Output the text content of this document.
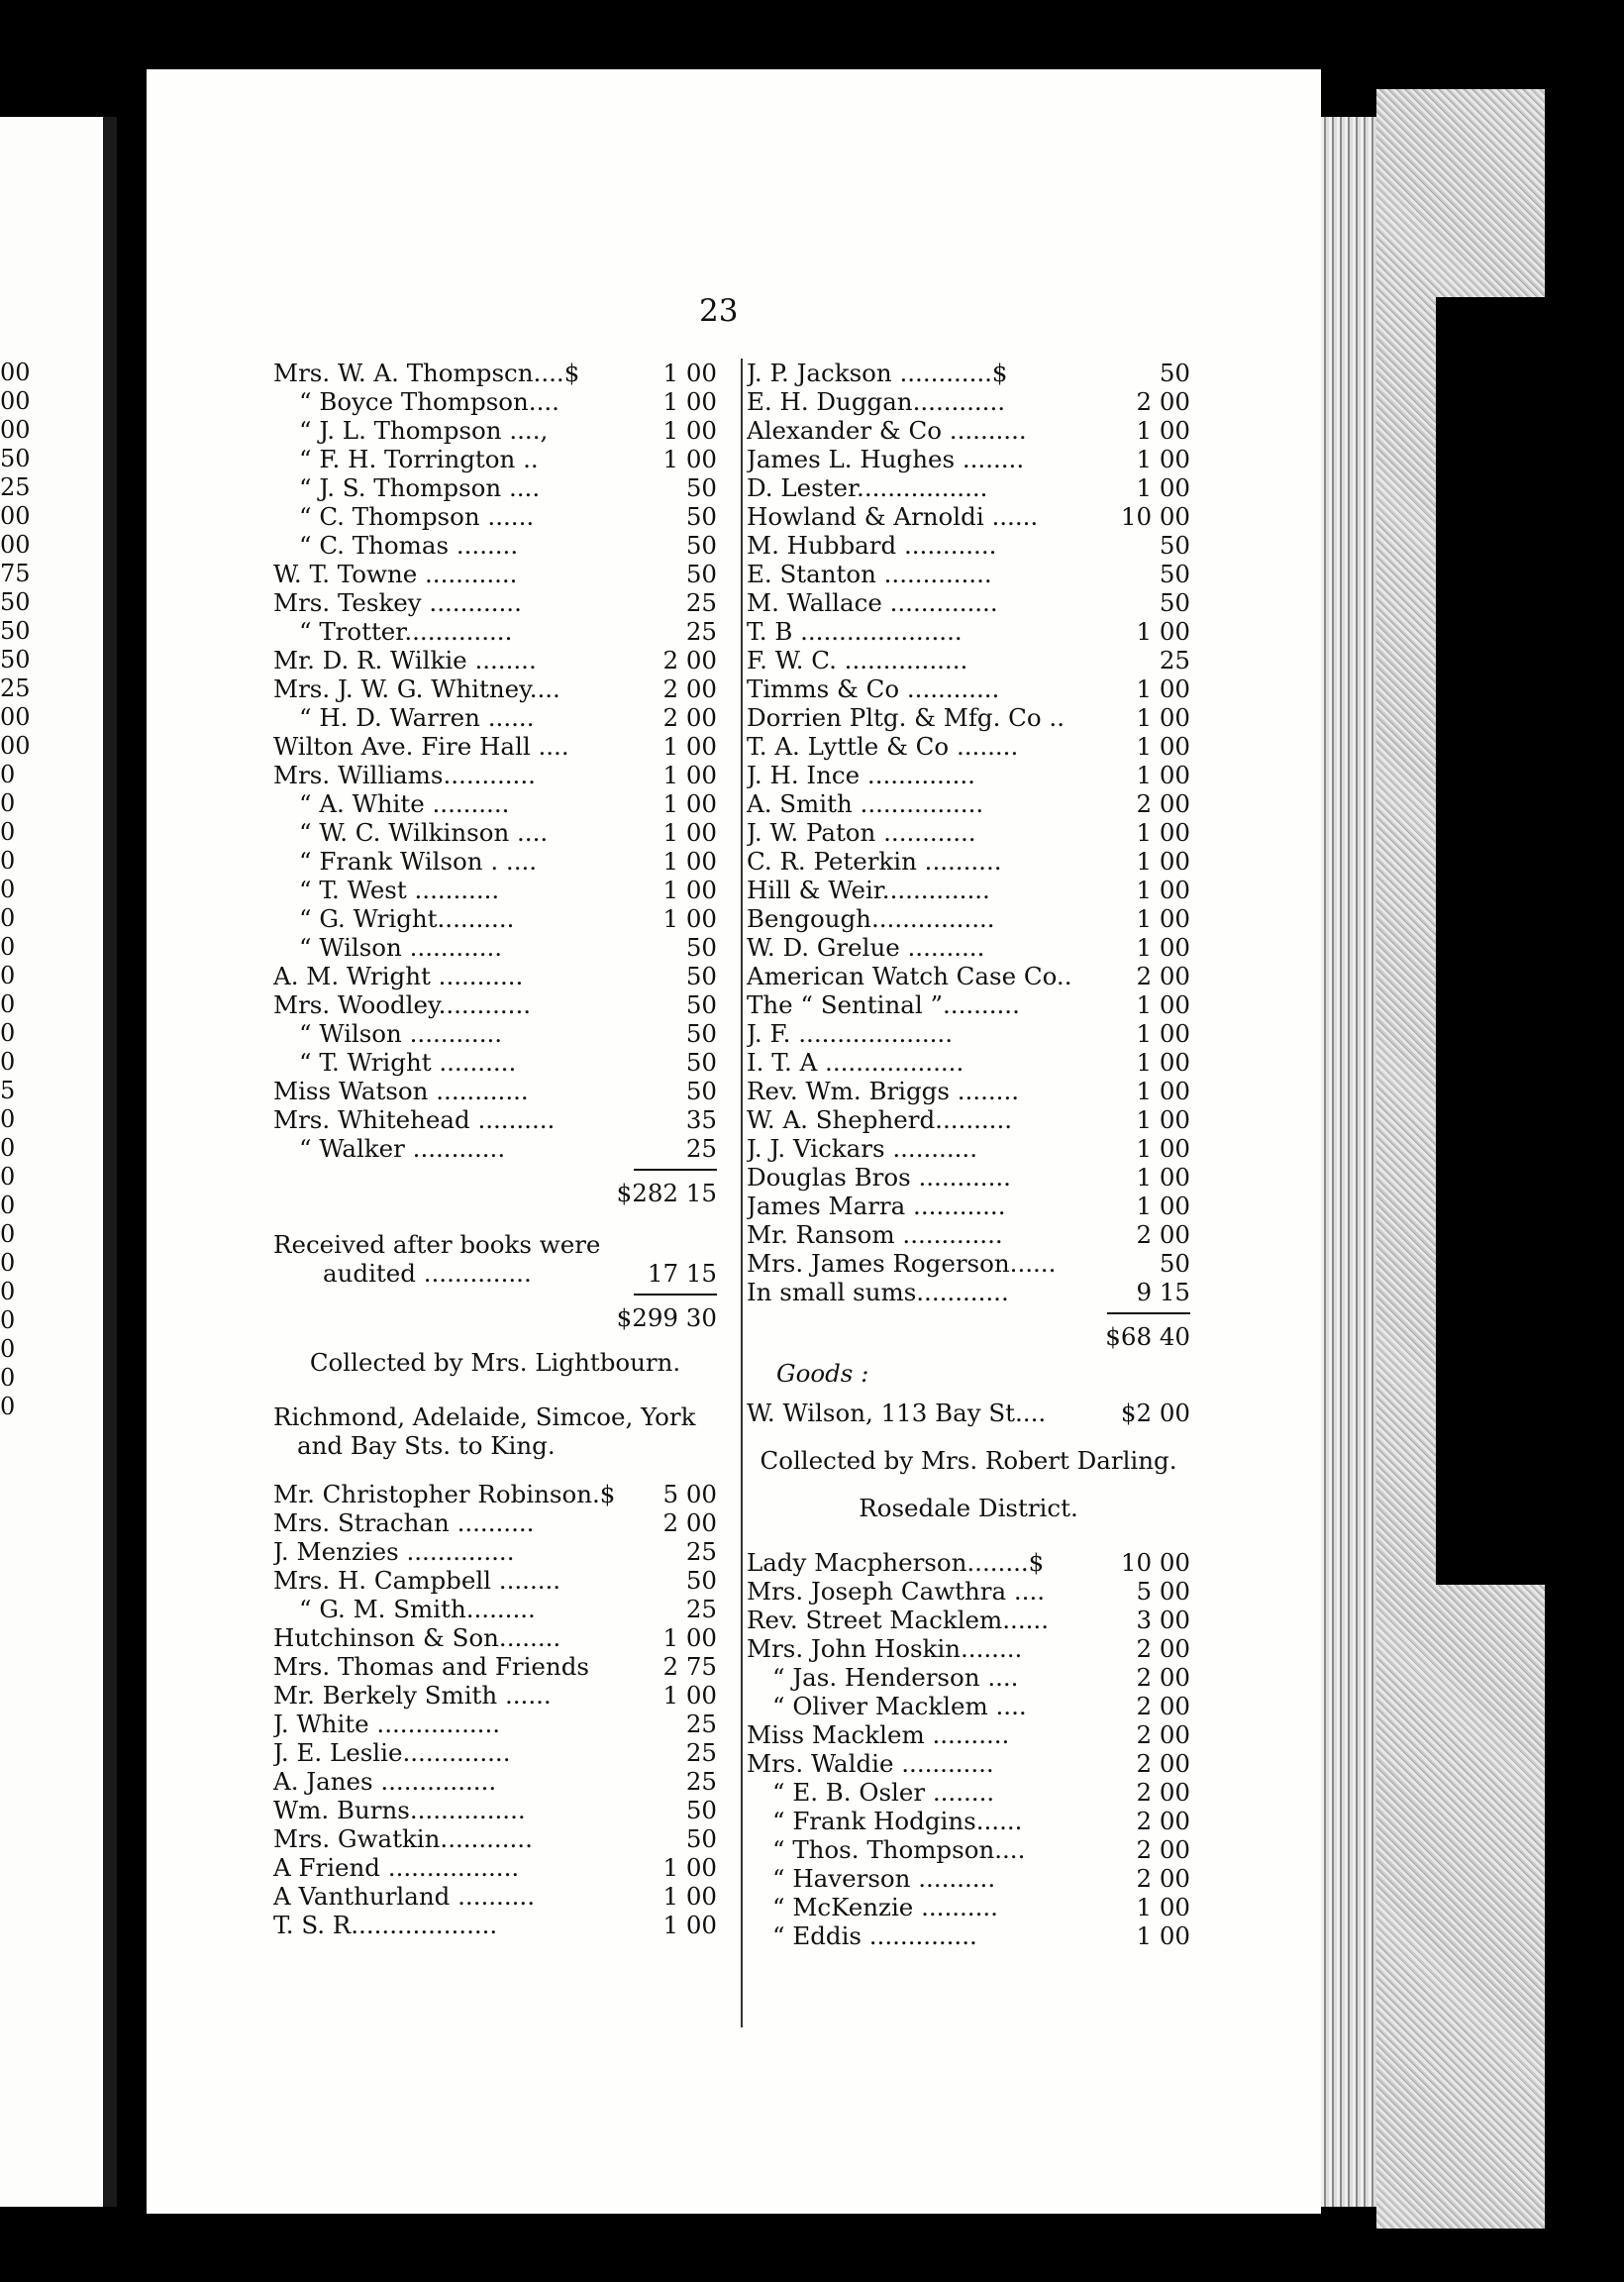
00
00
00
50
25
00
00
75
50
50
50
25
00
00
0
0
0
0
0
0
0
0
0
0
0
5
0
0
0
0
0
0
0
0
0
0
0
23
Mrs. W. A. Thompscn....$	1 00
“ Boyce Thompson....	1 00
“ J. L. Thompson ....,	1 00
“ F. H. Torrington ..	1 00
“ J. S. Thompson ....	50
“ C. Thompson ......	50
“ C. Thomas ........	50
W. T. Towne ............	50
Mrs. Teskey ............	25
“ Trotter..............	25
Mr. D. R. Wilkie ........	2 00
Mrs. J. W. G. Whitney....	2 00
“ H. D. Warren ......	2 00
Wilton Ave. Fire Hall ....	1 00
Mrs. Williams............	1 00
“ A. White ..........	1 00
“ W. C. Wilkinson ....	1 00
“ Frank Wilson . ....	1 00
“ T. West ...........	1 00
“ G. Wright..........	1 00
“ Wilson ............	50
A. M. Wright ...........	50
Mrs. Woodley............	50
“ Wilson ............	50
“ T. Wright ..........	50
Miss Watson ............	50
Mrs. Whitehead ..........	35
“ Walker ............	25
$282 15
Received after books were
audited ..............	17 15
$299 30
Collected by Mrs. Lightbourn.
Richmond, Adelaide, Simcoe, York
and Bay Sts. to King.
Mr. Christopher Robinson.$	5 00
Mrs. Strachan ..........	2 00
J. Menzies ..............	25
Mrs. H. Campbell ........	50
“ G. M. Smith.........	25
Hutchinson & Son........	1 00
Mrs. Thomas and Friends	2 75
Mr. Berkely Smith ......	1 00
J. White ................	25
J. E. Leslie..............	25
A. Janes ...............	25
Wm. Burns...............	50
Mrs. Gwatkin............	50
A Friend .................	1 00
A Vanthurland ..........	1 00
T. S. R...................	1 00
J. P. Jackson ............$	50
E. H. Duggan............	2 00
Alexander & Co ..........	1 00
James L. Hughes ........	1 00
D. Lester.................	1 00
Howland & Arnoldi ......	10 00
M. Hubbard ............	50
E. Stanton ..............	50
M. Wallace ..............	50
T. B .....................	1 00
F. W. C. ................	25
Timms & Co ............	1 00
Dorrien Pltg. & Mfg. Co ..	1 00
T. A. Lyttle & Co ........	1 00
J. H. Ince ..............	1 00
A. Smith ................	2 00
J. W. Paton ............	1 00
C. R. Peterkin ..........	1 00
Hill & Weir..............	1 00
Bengough................	1 00
W. D. Grelue ..........	1 00
American Watch Case Co..	2 00
The “ Sentinal ”..........	1 00
J. F. ....................	1 00
I. T. A ..................	1 00
Rev. Wm. Briggs ........	1 00
W. A. Shepherd..........	1 00
J. J. Vickars ...........	1 00
Douglas Bros ............	1 00
James Marra ............	1 00
Mr. Ransom .............	2 00
Mrs. James Rogerson......	50
In small sums............	9 15
$68 40
Goods :
W. Wilson, 113 Bay St....	$2 00
Collected by Mrs. Robert Darling.
Rosedale District.
Lady Macpherson........$	10 00
Mrs. Joseph Cawthra ....	5 00
Rev. Street Macklem......	3 00
Mrs. John Hoskin........	2 00
“ Jas. Henderson ....	2 00
“ Oliver Macklem ....	2 00
Miss Macklem ..........	2 00
Mrs. Waldie ............	2 00
“ E. B. Osler ........	2 00
“ Frank Hodgins......	2 00
“ Thos. Thompson....	2 00
“ Haverson ..........	2 00
“ McKenzie ..........	1 00
“ Eddis ..............	1 00
